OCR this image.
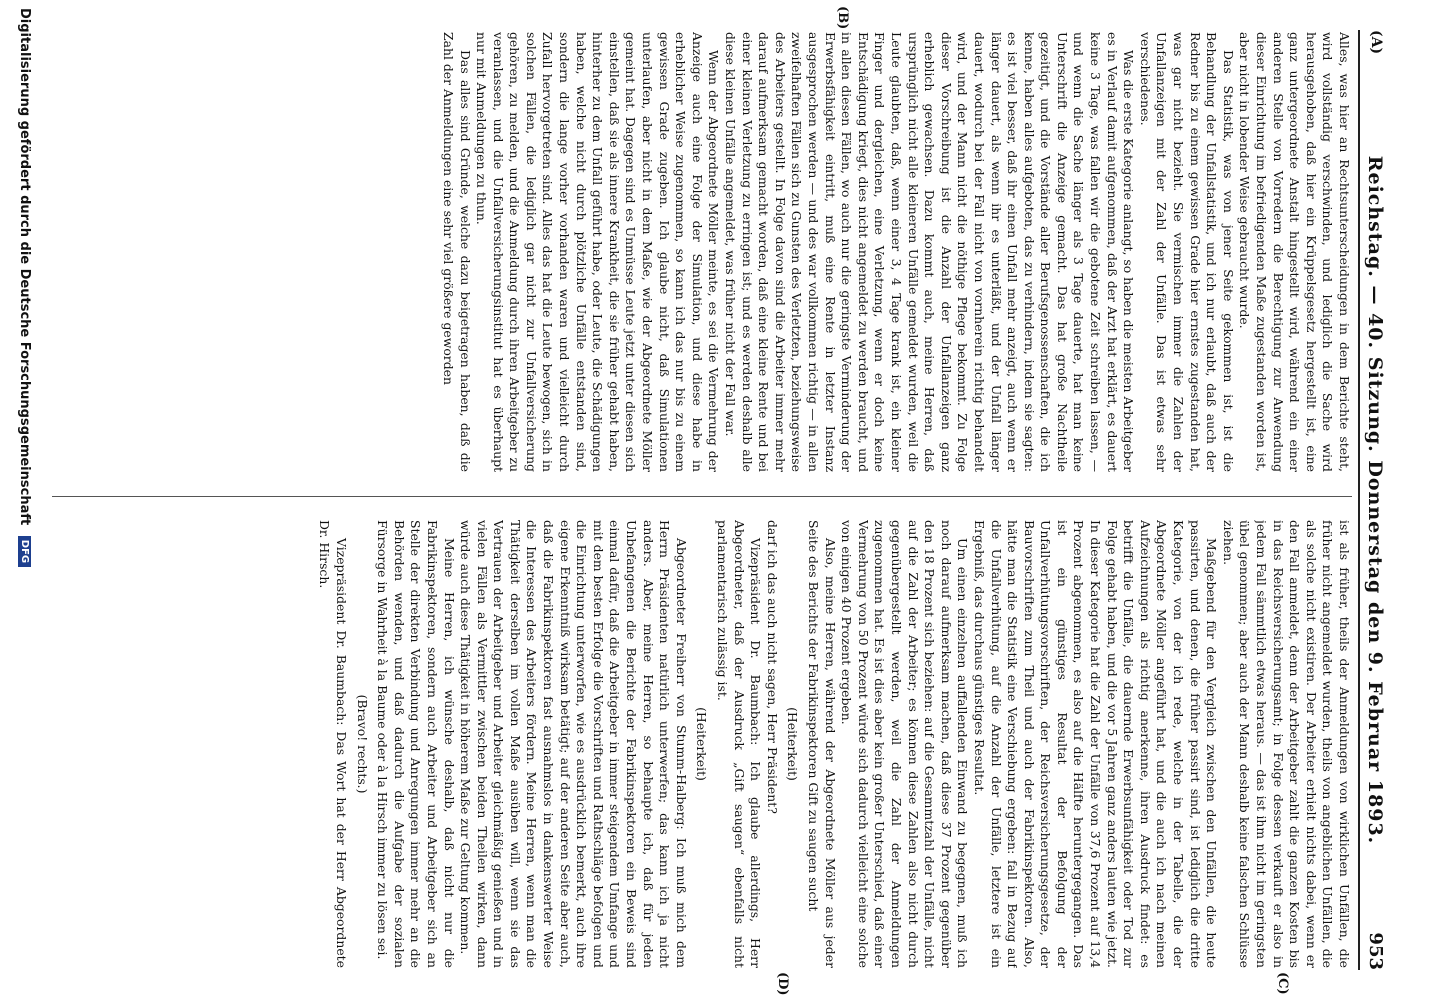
(A)
Reichstag. — 40. Sitzung. Donnerstag den 9. Februar 1893.
953
(B)
(C)
(D)

Alles, was hier an Rechtsunterscheidungen in dem Berichte steht, wird vollständig verschwinden, und lediglich die Sache wird herausgehoben, daß hier ein Krüppelsgesetz hergestellt ist, eine ganz untergeordnete Anstalt hingestellt wird, während ein einer anderen Stelle von Vorredern die Berechtigung zur Anwendung dieser Einrichtung im befriedigenden Maße zugestanden worden ist, aber nicht in lobender Weise gebraucht wurde.

Das Statistik, was von jener Seite gekommen ist, ist die Behandlung der Unfallstatistik, und ich nur erlaubt, daß auch der Redner bis zu einem gewissen Grade hier ernstes zugestanden hat, was gar nicht bezieht. Sie vermischen immer die Zahlen der Unfallanzeigen mit der Zahl der Unfälle. Das ist etwas sehr verschiedenes.

Was die erste Kategorie anlangt, so haben die meisten Arbeitgeber es in Verlauf damit aufgenommen, daß der Arzt hat erklärt, es dauert keine 3 Tage, was fallen wir die gebotene Zeit schreiben lassen, — und wenn die Sache länger als 3 Tage dauerte, hat man keine Unterschrift die Anzeige gemacht. Das hat große Nachtheile gezeitigt, und die Vorstände aller Berufsgenossenschaften, die ich kenne, haben alles aufgeboten, das zu verhindern, indem sie sagten: es ist viel besser, daß ihr einen Unfall mehr anzeigt, auch wenn er länger dauert, als wenn ihr es unterläßt, und der Unfall länger dauert, wodurch bei der Fall nicht von vornherein richtig behandelt wird, und der Mann nicht die nöthige Pflege bekommt. Zu Folge dieser Vorschreibung ist die Anzahl der Unfallanzeigen ganz erheblich gewachsen. Dazu kommt auch, meine Herren, daß ursprünglich nicht alle kleineren Unfälle gemeldet wurden, weil die Leute glaubten, daß, wenn einer 3, 4 Tage krank ist, ein kleiner Finger und dergleichen, eine Verletzung, wenn er doch keine Entschädigung kriegt, dies nicht angemeldet zu werden braucht, und in allen diesen Fällen, wo auch nur die geringste Verminderung der Erwerbsfähigkeit eintritt, muß eine Rente in letzter Instanz ausgesprochen werden — und des war vollkommen richtig — in allen zweifelhaften Fällen sich zu Gunsten des Verletzten, beziehungsweise des Arbeiters gestellt. In Folge davon sind die Arbeiter immer mehr darauf aufmerksam gemacht worden, daß eine kleine Rente und bei einer kleinen Verletzung zu erringen ist; und es werden deshalb alle diese kleinen Unfälle angemeldet, was früher nicht der Fall war.

Wenn der Abgeordnete Möller meinte, es sei die Vermehrung der Anzeige auch eine Folge der Simulation, und diese habe in erheblicher Weise zugenommen, so kann ich das nur bis zu einem gewissen Grade zugeben. Ich glaube nicht, daß Simulationen unterlaufen, aber nicht in dem Maße, wie der Abgeordnete Möller gemeint hat. Dagegen sind es Unmüsse Leute jetzt unter diesen sich einstellen, daß sie als innere Krankheit, die sie früher gehabt haben, hinterher zu dem Unfall geführt habe, oder Leute, die Schädigungen haben, welche nicht durch plötzliche Unfälle entstanden sind, sondern die lange vorher vorhanden waren und vielleicht durch Zufall hervorgetreten sind. Alles das hat die Leute bewogen, sich in solchen Fällen, die lediglich gar nicht zur Unfallversicherung gehören, zu melden, und die Anmeldung durch ihren Arbeitgeber zu veranlassen, und die Unfallversicherungsinstitut hat es überhaupt nur mit Anmeldungen zu thun.

Das alles sind Gründe, welche dazu beigetragen haben, daß die Zahl der Anmeldungen eine sehr viel größere geworden

ist als früher, theils der Anmeldungen von wirklichen Unfällen, die früher nicht angemeldet wurden, theils von angeblichen Unfällen, die als solche nicht existiren. Der Arbeiter erhielt nichts dabei, wenn er den Fall anmeldet, denn der Arbeitgeber zahlt die ganzen Kosten bis in das Reichsversicherungsamt; in Folge dessen verkauft er also in jedem Fall sämmtlich etwas heraus. — das ist ihm nicht im geringsten übel genommen; aber auch der Mann deshalb keine falschen Schlüsse ziehen.

Maßgebend für den Vergleich zwischen den Unfällen, die heute passirten, und denen, die früher passirt sind, ist lediglich die dritte Kategorie, von der ich rede, welche in der Tabelle, die der Abgeordnete Möller angeführt hat, und die auch ich nach meinen Aufzeichnungen als richtig anerkenne, ihren Ausdruck findet: es betrifft die Unfälle, die dauernde Erwerbsunfähigkeit oder Tod zur Folge gehabt haben, und die vor 5 Jahren ganz anders lauten wie jetzt. In dieser Kategorie hat die Zahl der Unfälle von 37,6 Prozent auf 13,4 Prozent abgenommen, es also auf die Hälfte heruntergegangen. Das ist ein günstiges Resultat der Befolgung der Unfallverhütungsvorschriften, der Reichsversicherungsgesetze, der Bauvorschriften zum Theil und auch der Fabrikinspektoren. Also, hätte man die Statistik eine Verschiebung ergeben: fall in Bezug auf die Unfallverhütung, auf die Anzahl der Unfälle, letztere ist ein Ergebniß, das durchaus günstiges Resultat.

Um einen einzelnen auffallenden Einwand zu begegnen, muß ich noch darauf aufmerksam machen, daß diese 37 Prozent gegenüber den 18 Prozent sich beziehen: auf die Gesammtzahl der Unfälle, nicht auf die Zahl der Arbeiter; es können diese Zahlen also nicht durch gegenübergestellt werden, weil die Zahl der Anmeldungen zugenommen hat. Es ist dies aber kein großer Unterschied, daß einer Vermehrung von 50 Prozent würde sich dadurch vielleicht eine solche von einigen 40 Prozent ergeben.

Also, meine Herren, während der Abgeordnete Möller aus jeder Seite des Berichts der Fabrikinspektoren Gift zu saugen sucht

(Heiterkeit)

darf ich das auch nicht sagen, Herr Präsident?

Vizepräsident Dr. Baumbach: Ich glaube allerdings, Herr Abgeordneter, daß der Ausdruck „Gift saugen“ ebenfalls nicht parlamentarisch zulässig ist.

(Heiterkeit)

Abgeordneter Freiherr von Stumm-Halberg: Ich muß mich dem Herrn Präsidenten natürlich unterwerfen; das kann ich ja nicht anders. Aber, meine Herren, so behaupte ich, daß für jeden Unbefangenen die Berichte der Fabrikinspektoren ein Beweis sind einmal dafür, daß die Arbeitgeber in immer steigendem Umfange und mit dem besten Erfolge die Vorschriften und Rathschläge befolgen und die Einrichtung unterworfen, wie es ausdrücklich bemerkt, auch ihre eigene Erkenntniß wirksam betätigt; auf der anderen Seite aber auch, daß die Fabrikinspektoren fast ausnahmslos in dankenswerter Weise die Interessen des Arbeiters fördern. Meine Herren, wenn man die Thätigkeit derselben im vollen Maße ausüben will, wenn sie das Vertrauen der Arbeitgeber und Arbeiter gleichmäßig genießen und in vielen Fällen als Vermittler zwischen beiden Theilen wirken, dann würde auch diese Thätigkeit in höherem Maße zur Geltung kommen.

Meine Herren, ich wünsche deshalb, daß nicht nur die Fabrikinspektoren, sondern auch Arbeiter und Arbeitgeber sich an Stelle der direkten Verbindung und Anregungen immer mehr an die Behörden wenden, und daß dadurch die Aufgabe der sozialen Fürsorge in Wahrheit à la Baume oder à la Hirsch immer zu lösen sei.

(Bravo! rechts.)

Vizepräsident Dr. Baumbach: Das Wort hat der Herr Abgeordnete Dr. Hirsch.

Digitalisierung gefördert durch die Deutsche Forschungsgemeinschaft DFG
